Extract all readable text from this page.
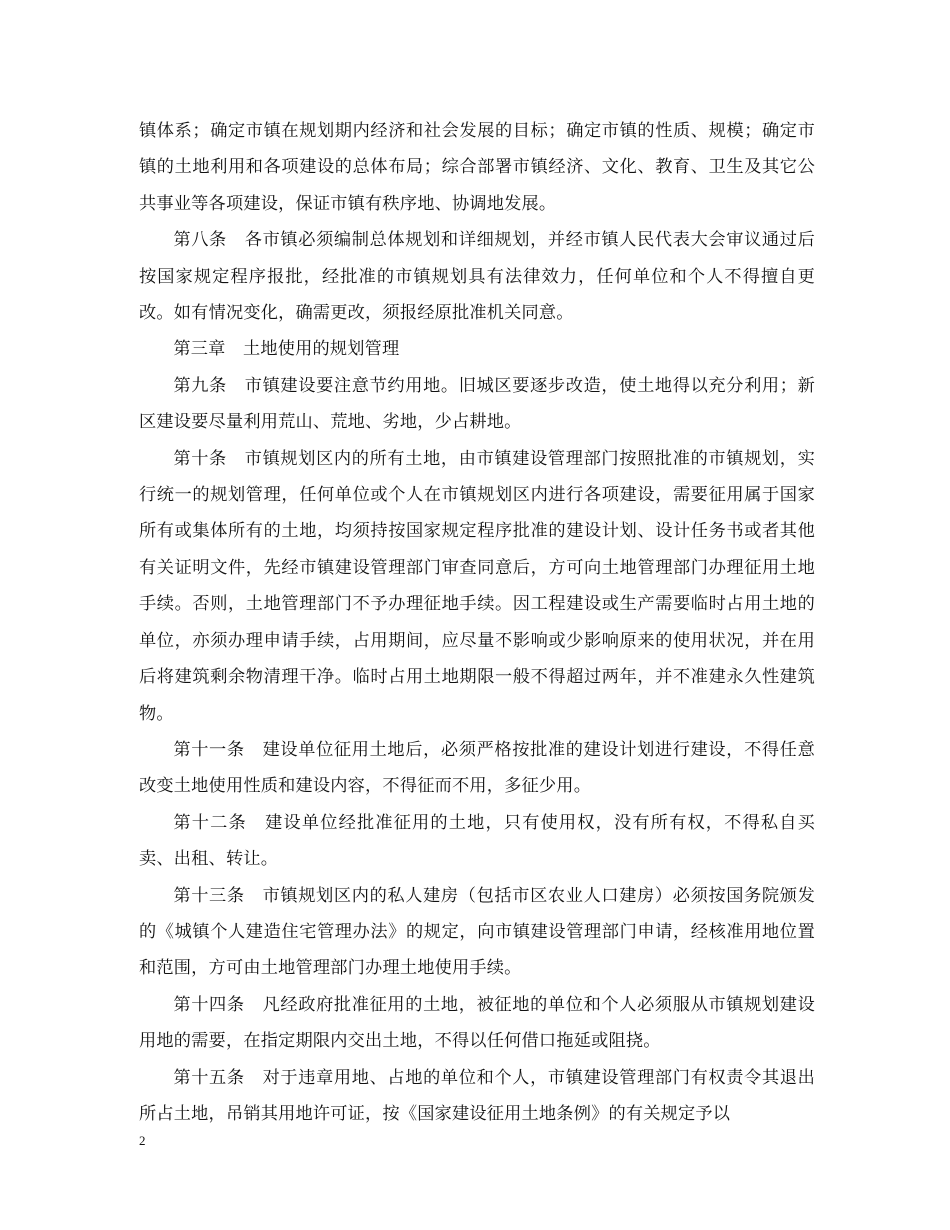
镇体系；确定市镇在规划期内经济和社会发展的目标；确定市镇的性质、规模；确定市镇的土地利用和各项建设的总体布局；综合部署市镇经济、文化、教育、卫生及其它公共事业等各项建设，保证市镇有秩序地、协调地发展。

第八条　各市镇必须编制总体规划和详细规划，并经市镇人民代表大会审议通过后按国家规定程序报批，经批准的市镇规划具有法律效力，任何单位和个人不得擅自更改。如有情况变化，确需更改，须报经原批准机关同意。

第三章　土地使用的规划管理

第九条　市镇建设要注意节约用地。旧城区要逐步改造，使土地得以充分利用；新区建设要尽量利用荒山、荒地、劣地，少占耕地。

第十条　市镇规划区内的所有土地，由市镇建设管理部门按照批准的市镇规划，实行统一的规划管理，任何单位或个人在市镇规划区内进行各项建设，需要征用属于国家所有或集体所有的土地，均须持按国家规定程序批准的建设计划、设计任务书或者其他有关证明文件，先经市镇建设管理部门审查同意后，方可向土地管理部门办理征用土地手续。否则，土地管理部门不予办理征地手续。因工程建设或生产需要临时占用土地的单位，亦须办理申请手续，占用期间，应尽量不影响或少影响原来的使用状况，并在用后将建筑剩余物清理干净。临时占用土地期限一般不得超过两年，并不准建永久性建筑物。

第十一条　建设单位征用土地后，必须严格按批准的建设计划进行建设，不得任意改变土地使用性质和建设内容，不得征而不用，多征少用。

第十二条　建设单位经批准征用的土地，只有使用权，没有所有权，不得私自买卖、出租、转让。

第十三条　市镇规划区内的私人建房（包括市区农业人口建房）必须按国务院颁发的《城镇个人建造住宅管理办法》的规定，向市镇建设管理部门申请，经核准用地位置和范围，方可由土地管理部门办理土地使用手续。

第十四条　凡经政府批准征用的土地，被征地的单位和个人必须服从市镇规划建设用地的需要，在指定期限内交出土地，不得以任何借口拖延或阻挠。

第十五条　对于违章用地、占地的单位和个人，市镇建设管理部门有权责令其退出所占土地，吊销其用地许可证，按《国家建设征用土地条例》的有关规定予以

2
